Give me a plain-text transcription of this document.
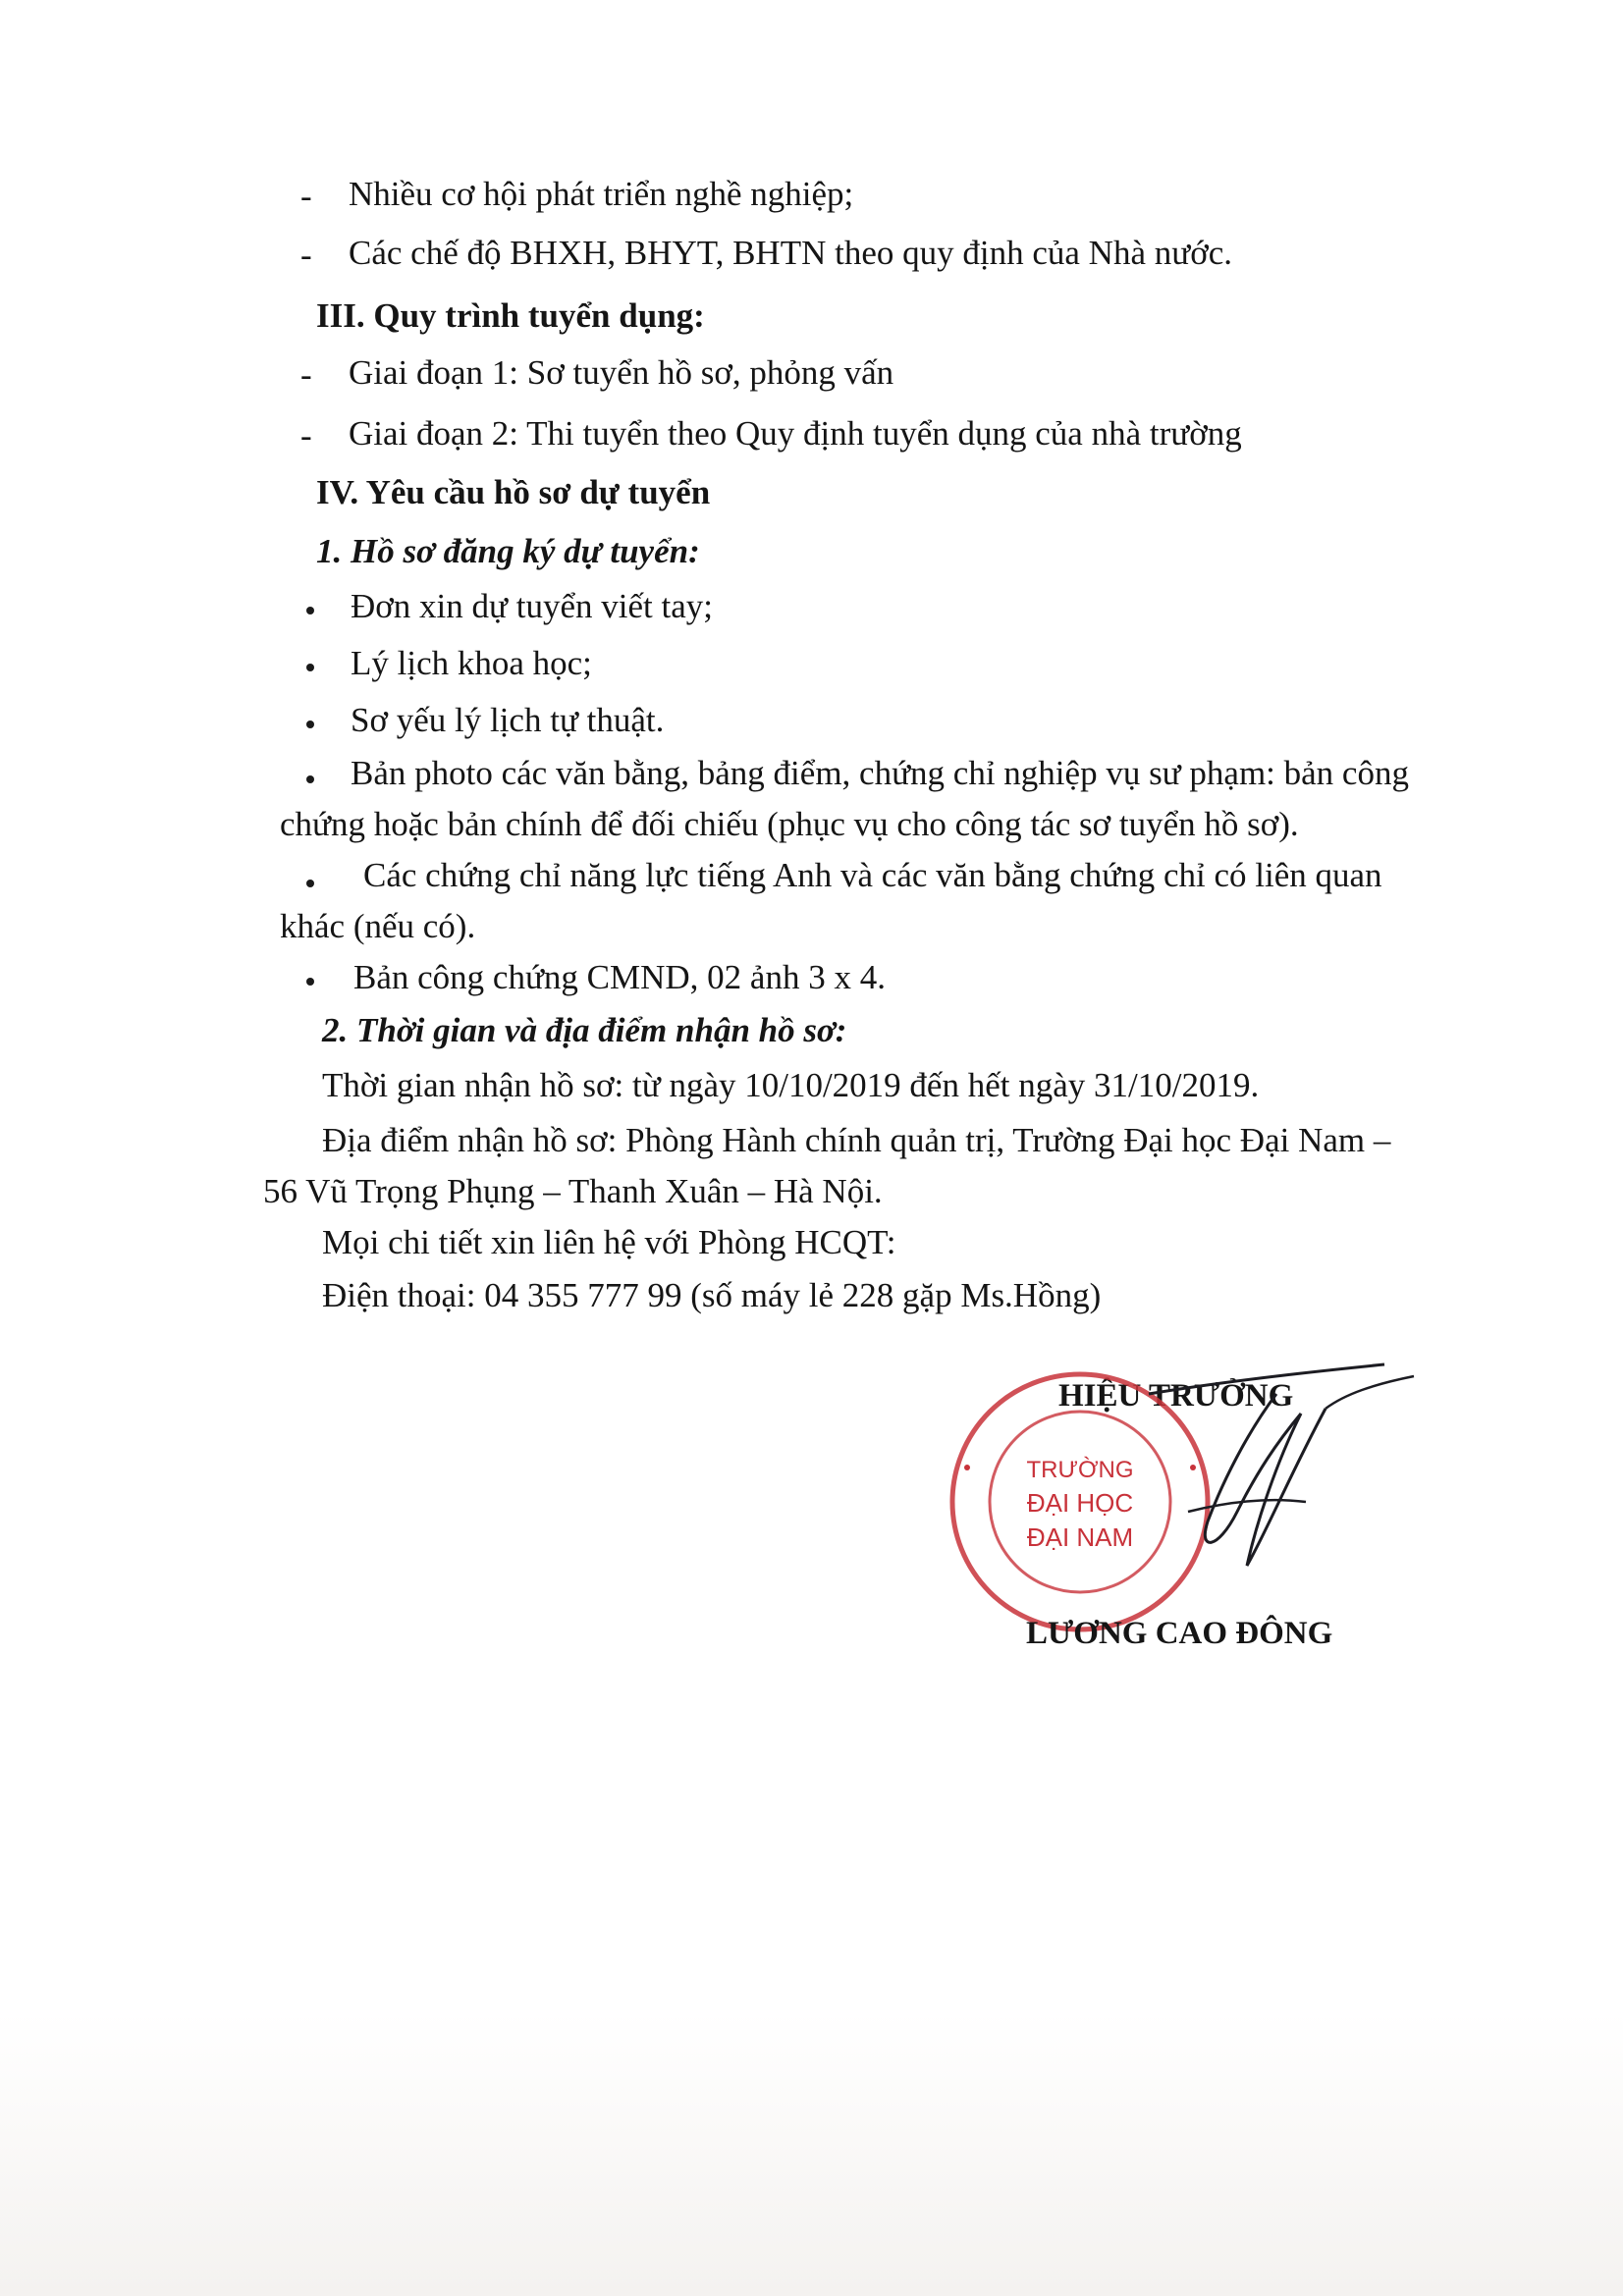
- Nhiều cơ hội phát triển nghề nghiệp;
- Các chế độ BHXH, BHYT, BHTN theo quy định của Nhà nước.
III. Quy trình tuyển dụng:
- Giai đoạn 1: Sơ tuyển hồ sơ, phỏng vấn
- Giai đoạn 2: Thi tuyển theo Quy định tuyển dụng của nhà trường
IV. Yêu cầu hồ sơ dự tuyển
1. Hồ sơ đăng ký dự tuyển:
Đơn xin dự tuyển viết tay;
Lý lịch khoa học;
Sơ yếu lý lịch tự thuật.
Bản photo các văn bằng, bảng điểm, chứng chỉ nghiệp vụ sư phạm: bản công
chứng hoặc bản chính để đối chiếu (phục vụ cho công tác sơ tuyển hồ sơ).
Các chứng chỉ năng lực tiếng Anh và các văn bằng chứng chỉ có liên quan
khác (nếu có).
Bản công chứng CMND, 02 ảnh 3 x 4.
2. Thời gian và địa điểm nhận hồ sơ:
Thời gian nhận hồ sơ: từ ngày 10/10/2019 đến hết ngày 31/10/2019.
Địa điểm nhận hồ sơ: Phòng Hành chính quản trị, Trường Đại học Đại Nam –
56 Vũ Trọng Phụng – Thanh Xuân – Hà Nội.
Mọi chi tiết xin liên hệ với Phòng HCQT:
Điện thoại: 04 355 777 99 (số máy lẻ 228 gặp Ms.Hồng)
HIỆU TRƯỞNG
TRƯỜNG
ĐẠI HỌC
ĐẠI NAM
LƯƠNG CAO ĐÔNG
